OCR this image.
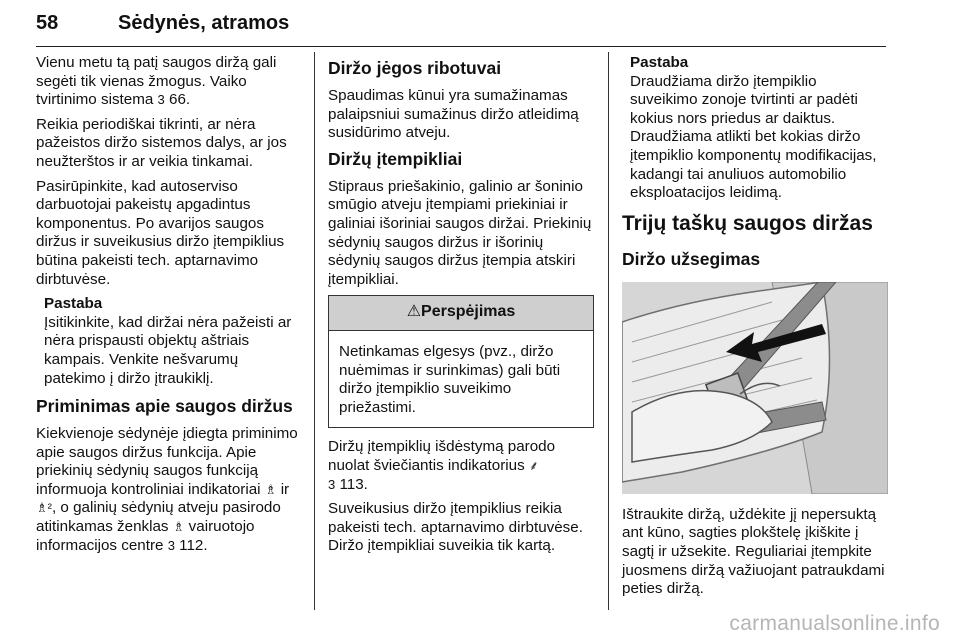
58	Sėdynės, atramos

Vienu metu tą patį saugos diržą gali segėti tik vienas žmogus. Vaiko tvirtinimo sistema 3 66.

Reikia periodiškai tikrinti, ar nėra pažeistos diržo sistemos dalys, ar jos neužterštos ir ar veikia tinkamai.

Pasirūpinkite, kad autoserviso darbuotojai pakeistų apgadintus komponentus. Po avarijos saugos diržus ir suveikusius diržo įtempiklius būtina pakeisti tech. aptarnavimo dirbtuvėse.

Pastaba
Įsitikinkite, kad diržai nėra pažeisti ar nėra prispausti objektų aštriais kampais. Venkite nešvarumų patekimo į diržo įtraukiklį.
Priminimas apie saugos diržus

Kiekvienoje sėdynėje įdiegta priminimo apie saugos diržus funkcija. Apie priekinių sėdynių saugos funkciją informuoja kontroliniai indikatoriai ♗ ir ♗², o galinių sėdynių atveju pasirodo atitinkamas ženklas ♗ vairuotojo informacijos centre 3 112.

Diržo jėgos ribotuvai

Spaudimas kūnui yra sumažinamas palaipsniui sumažinus diržo atleidimą susidūrimo atveju.

Diržų įtempikliai

Stipraus priešakinio, galinio ar šoninio smūgio atveju įtempiami priekiniai ir galiniai išoriniai saugos diržai. Priekinių sėdynių saugos diržus ir išorinių sėdynių saugos diržus įtempia atskiri įtempikliai.

⚠Perspėjimas
Netinkamas elgesys (pvz., diržo nuėmimas ir surinkimas) gali būti diržo įtempiklio suveikimo priežastimi.

Diržų įtempiklių išdėstymą parodo nuolat šviečiantis indikatorius ⸙
3 113.

Suveikusius diržo įtempiklius reikia pakeisti tech. aptarnavimo dirbtuvėse. Diržo įtempikliai suveikia tik kartą.

Pastaba
Draudžiama diržo įtempiklio suveikimo zonoje tvirtinti ar padėti kokius nors priedus ar daiktus. Draudžiama atlikti bet kokias diržo įtempiklio komponentų modifikacijas, kadangi tai anuliuos automobilio eksploatacijos leidimą.
Trijų taškų saugos diržas
Diržo užsegimas

Ištraukite diržą, uždėkite jį nepersuktą ant kūno, sagties plokštelę įkiškite į sagtį ir užsekite. Reguliariai įtempkite juosmens diržą važiuojant patraukdami peties diržą.

carmanualsonline.info
